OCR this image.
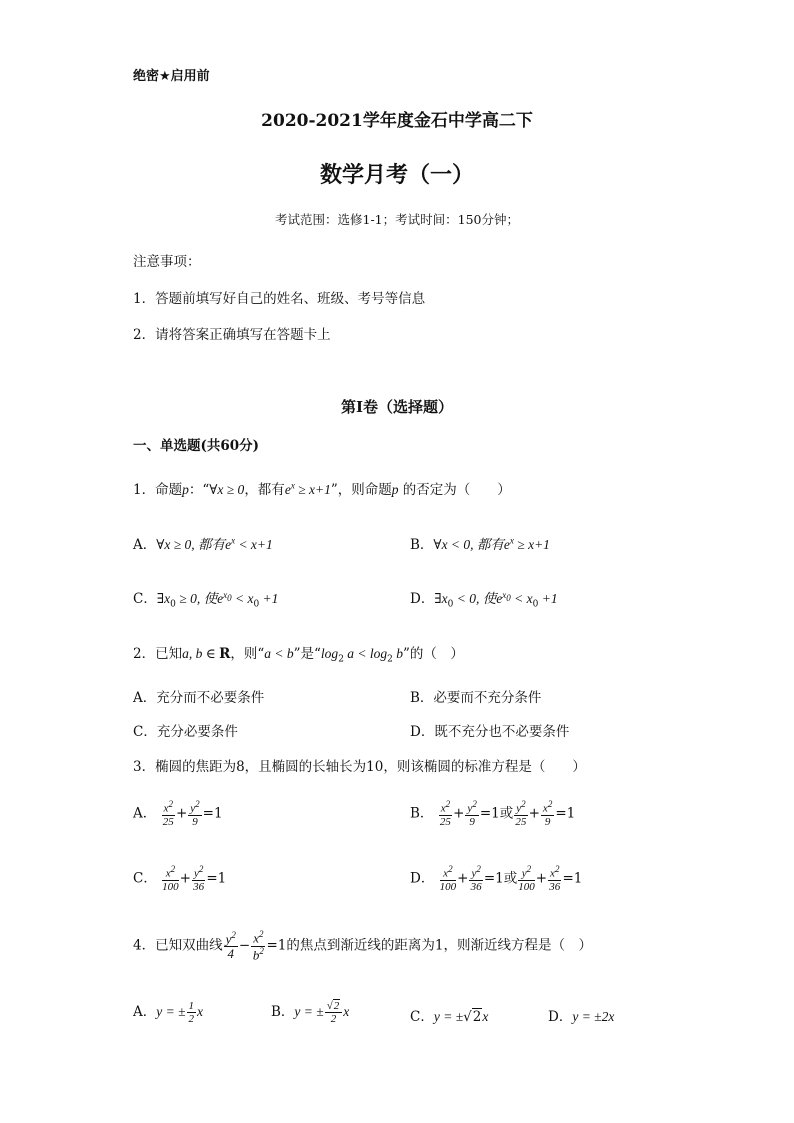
绝密★启用前
2020-2021学年度金石中学高二下
数学月考（一）
考试范围：选修1-1；考试时间：150分钟；
注意事项：
1．答题前填写好自己的姓名、班级、考号等信息
2．请将答案正确填写在答题卡上
第I卷（选择题）
一、单选题(共60分)
1．命题p：“∀x ≥ 0，都有$e^x \ge x+1$”，则命题p 的否定为（　　）
A．∀x ≥ 0, 都有$e^x < x+1$	B．∀x < 0, 都有$e^x \ge x+1$
C．$\exists x_0 \ge 0$, 使$e^{x_0} < x_0 +1$	D．$\exists x_0 < 0$, 使$e^{x_0} < x_0 +1$
2．已知a, b ∈ R，则“a < b”是“$\log_2$ $a < \log_2 b$”的（　）
A．充分而不必要条件	B．必要而不充分条件
C．充分必要条件	D．既不充分也不必要条件
3．椭圆的焦距为8，且椭圆的长轴长为10，则该椭圆的标准方程是（　　）
A． $\frac{x^2}{25} + \frac{y^2}{9} =1$	B． $\frac{x^2}{25} + \frac{y^2}{9} =1$或 $\frac{y^2}{25} + \frac{x^2}{9} =1$
C． $\frac{x^2}{100} + \frac{y^2}{36} =1$	D． $\frac{x^2}{100} + \frac{y^2}{36} =1$或 $\frac{y^2}{100} + \frac{x^2}{36} =1$
4．已知双曲线 $\frac{y^2}{4} - \frac{x^2}{b^2} =1$的焦点到渐近线的距离为1，则渐近线方程是（　）
A．y = ± $\frac{1}{2}$ x	B．y = ± $\frac{√2}{2}$ x	C．y = ±√2x	D．y = ±2x
